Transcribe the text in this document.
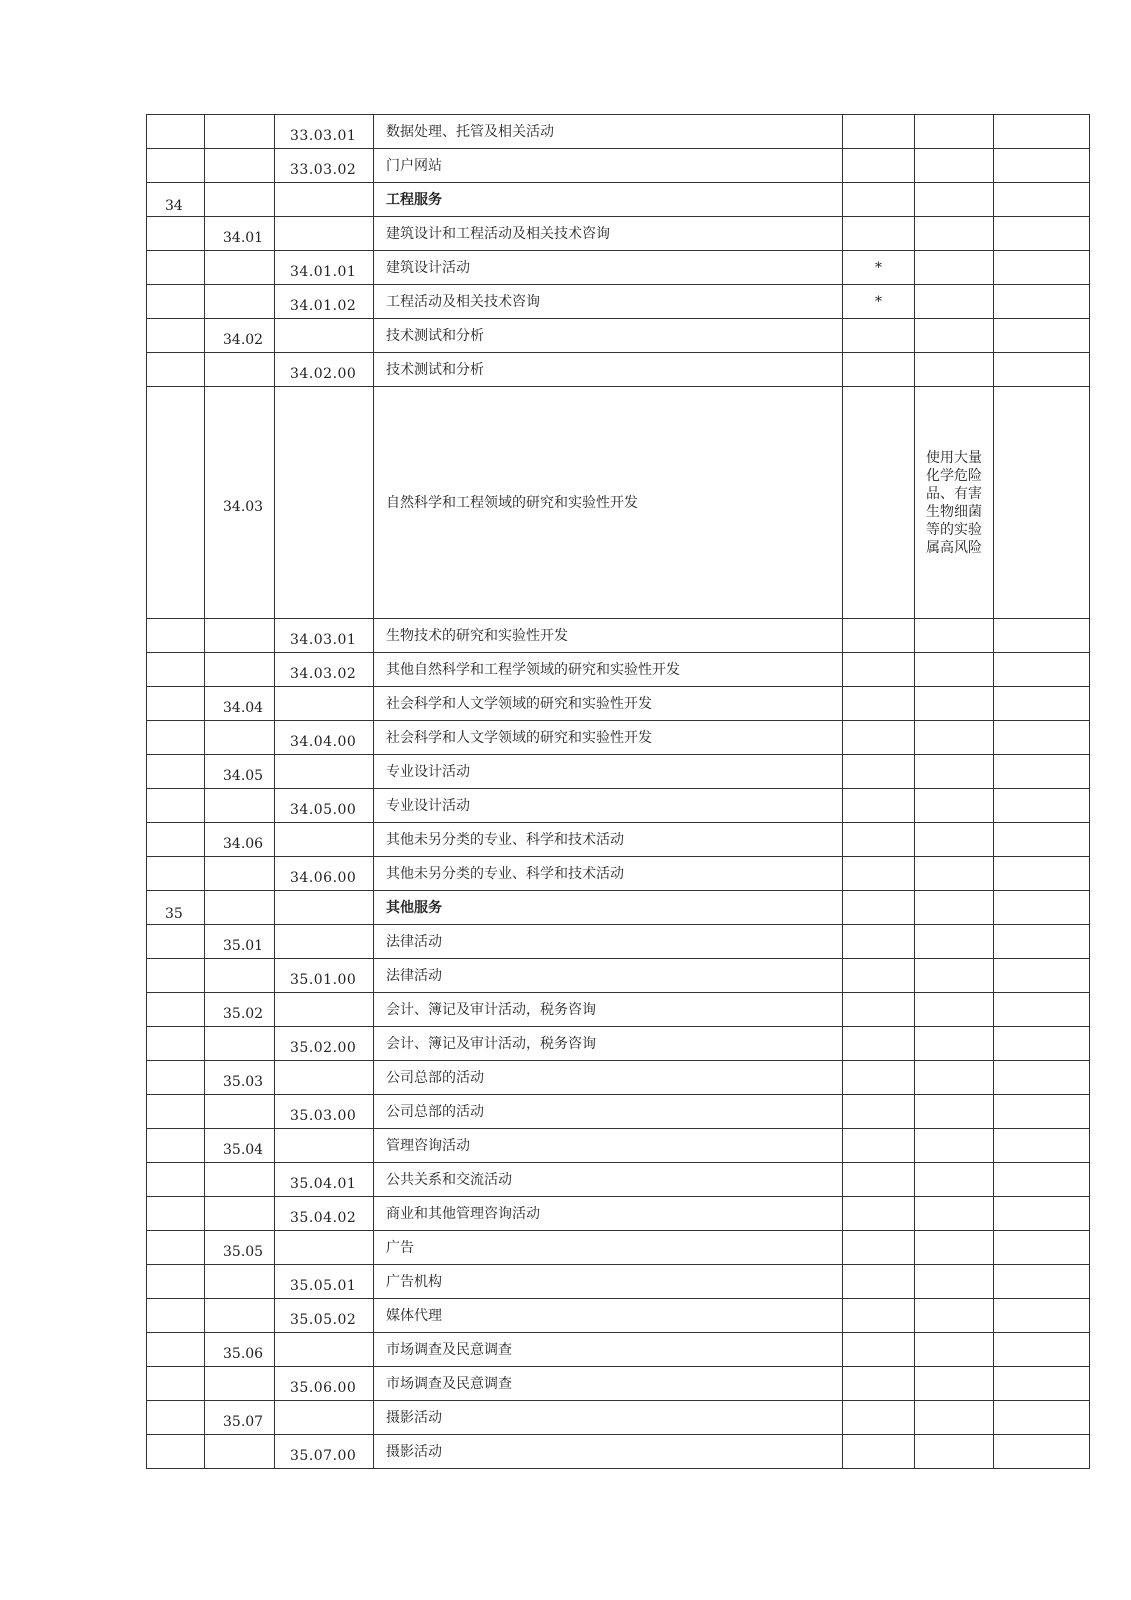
		33.03.01	数据处理、托管及相关活动			
		33.03.02	门户网站			
34			工程服务			
	34.01		建筑设计和工程活动及相关技术咨询			
		34.01.01	建筑设计活动	*		
		34.01.02	工程活动及相关技术咨询	*		
	34.02		技术测试和分析			
		34.02.00	技术测试和分析			
	34.03		自然科学和工程领域的研究和实验性开发		使用大量化学危险品、有害生物细菌等的实验属高风险	
		34.03.01	生物技术的研究和实验性开发			
		34.03.02	其他自然科学和工程学领域的研究和实验性开发			
	34.04		社会科学和人文学领域的研究和实验性开发			
		34.04.00	社会科学和人文学领域的研究和实验性开发			
	34.05		专业设计活动			
		34.05.00	专业设计活动			
	34.06		其他未另分类的专业、科学和技术活动			
		34.06.00	其他未另分类的专业、科学和技术活动			
35			其他服务			
	35.01		法律活动			
		35.01.00	法律活动			
	35.02		会计、簿记及审计活动，税务咨询			
		35.02.00	会计、簿记及审计活动，税务咨询			
	35.03		公司总部的活动			
		35.03.00	公司总部的活动			
	35.04		管理咨询活动			
		35.04.01	公共关系和交流活动			
		35.04.02	商业和其他管理咨询活动			
	35.05		广告			
		35.05.01	广告机构			
		35.05.02	媒体代理			
	35.06		市场调查及民意调查			
		35.06.00	市场调查及民意调查			
	35.07		摄影活动			
		35.07.00	摄影活动			
